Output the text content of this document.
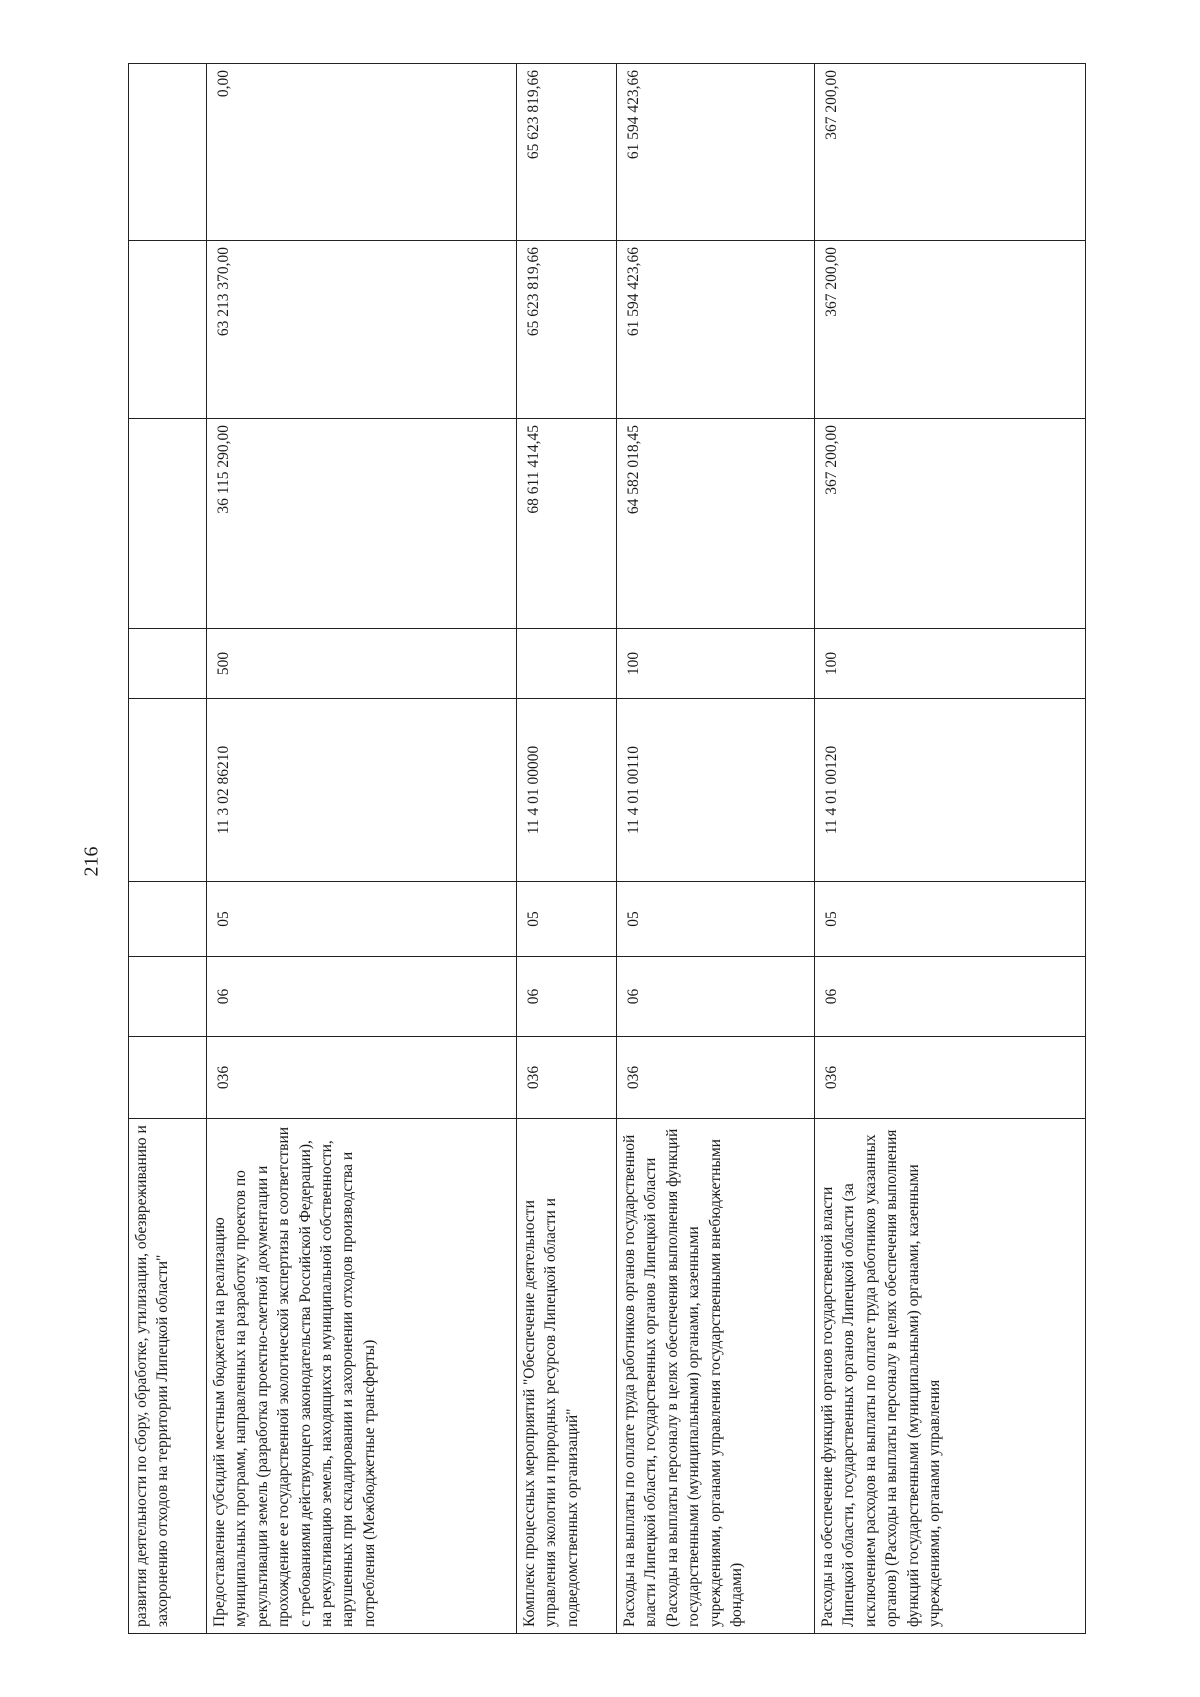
216
развития деятельности по сбору, обработке, утилизации, обезвреживанию и захоронению отходов на территории Липецкой области"								
Предоставление субсидий местным бюджетам на реализацию муниципальных программ, направленных на разработку проектов по рекультивации земель (разработка проектно-сметной документации и прохождение ее государственной экологической экспертизы в соответствии с требованиями действующего законодательства Российской Федерации), на рекультивацию земель, находящихся в муниципальной собственности, нарушенных при складировании и захоронении отходов производства и потребления (Межбюджетные трансферты)	036	06	05	11 3 02 86210	500	36 115 290,00	63 213 370,00	0,00
Комплекс процессных мероприятий "Обеспечение деятельности управления экологии и природных ресурсов Липецкой области и подведомственных организаций"	036	06	05	11 4 01 00000		68 611 414,45	65 623 819,66	65 623 819,66
Расходы на выплаты по оплате труда работников органов государственной власти Липецкой области, государственных органов Липецкой области (Расходы на выплаты персоналу в целях обеспечения выполнения функций государственными (муниципальными) органами, казенными учреждениями, органами управления государственными внебюджетными фондами)	036	06	05	11 4 01 00110	100	64 582 018,45	61 594 423,66	61 594 423,66
Расходы на обеспечение функций органов государственной власти Липецкой области, государственных органов Липецкой области (за исключением расходов на выплаты по оплате труда работников указанных органов) (Расходы на выплаты персоналу в целях обеспечения выполнения функций государственными (муниципальными) органами, казенными учреждениями, органами управления	036	06	05	11 4 01 00120	100	367 200,00	367 200,00	367 200,00
